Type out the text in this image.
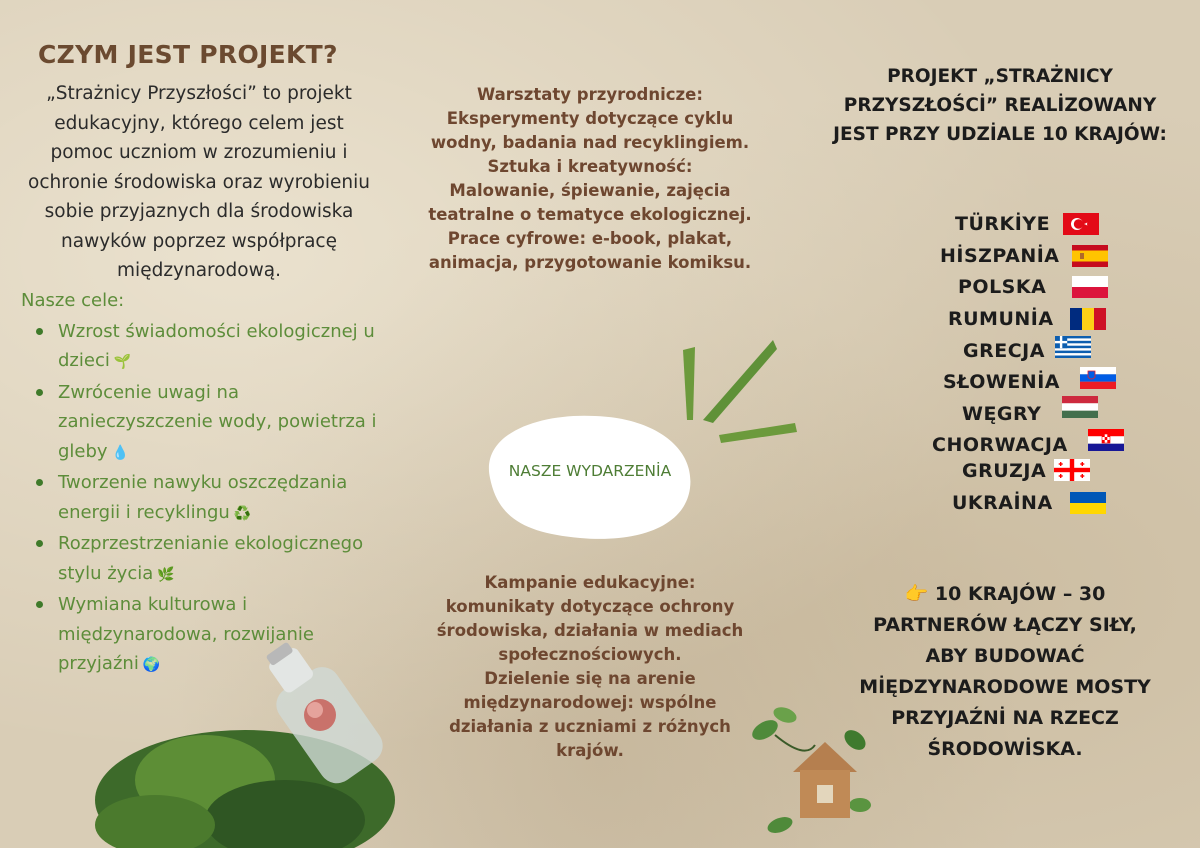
CZYM JEST PROJEKT?
„Strażnicy Przyszłości” to projekt edukacyjny, którego celem jest pomoc uczniom w zrozumieniu i ochronie środowiska oraz wyrobieniu sobie przyjaznych dla środowiska nawyków poprzez współpracę międzynarodową.
Nasze cele:
Wzrost świadomości ekologicznej u dzieci 🌱
Zwrócenie uwagi na zanieczyszczenie wody, powietrza i gleby 💧
Tworzenie nawyku oszczędzania energii i recyklingu ♻️
Rozprzestrzenianie ekologicznego stylu życia 🌿
Wymiana kulturowa i międzynarodowa, rozwijanie przyjaźni 🌍
Warsztaty przyrodnicze:
Eksperymenty dotyczące cyklu wodny, badania nad recyklingiem.
Sztuka i kreatywność:
Malowanie, śpiewanie, zajęcia teatralne o tematyce ekologicznej.
Prace cyfrowe: e-book, plakat, animacja, przygotowanie komiksu.
NASZE WYDARZENİA
Kampanie edukacyjne:
komunikaty dotyczące ochrony środowiska, działania w mediach społecznościowych.
Dzielenie się na arenie międzynarodowej: wspólne działania z uczniami z różnych krajów.
PROJEKT „STRAŻNICY PRZYSZŁOŚCİ” REALİZOWANY JEST PRZY UDZİALE 10 KRAJÓW:
TÜRKİYE
HİSZPANİA
POLSKA
RUMUNİA
GRECJA
SŁOWENİA
WĘGRY
CHORWACJA
GRUZJA
UKRAİNA
👉 10 KRAJÓW – 30 PARTNERÓW ŁĄCZY SIŁY, ABY BUDOWAĆ MİĘDZYNARODOWE MOSTY PRZYJAŹNİ NA RZECZ ŚRODOWİSKA.
